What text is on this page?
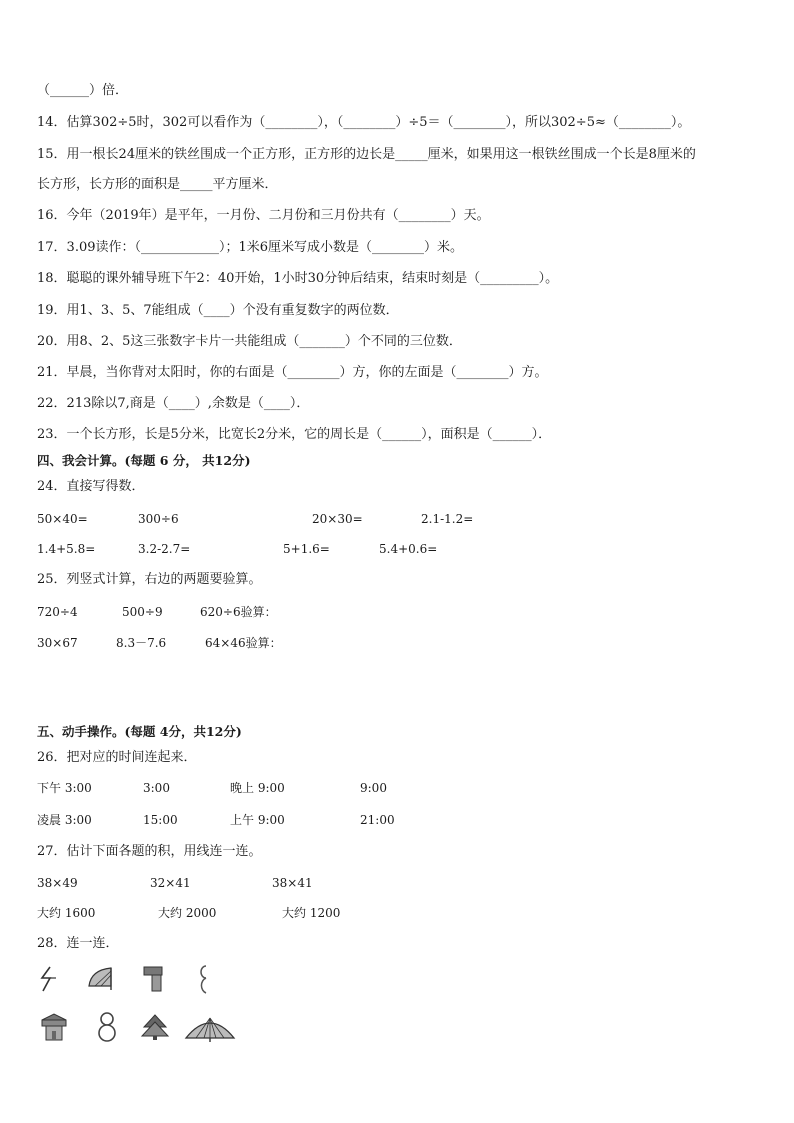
（______）倍．
14．估算302÷5时，302可以看作为（________），（________）÷5＝（________），所以302÷5≈（________）。
15．用一根长24厘米的铁丝围成一个正方形，正方形的边长是_____厘米，如果用这一根铁丝围成一个长是8厘米的
长方形，长方形的面积是_____平方厘米．
16．今年（2019年）是平年，一月份、二月份和三月份共有（________）天。
17．3.09读作：（____________）；1米6厘米写成小数是（________）米。
18．聪聪的课外辅导班下午2：40开始，1小时30分钟后结束，结束时刻是（_________）。
19．用1、3、5、7能组成（____）个没有重复数字的两位数．
20．用8、2、5这三张数字卡片一共能组成（_______）个不同的三位数．
21．早晨，当你背对太阳时，你的右面是（________）方，你的左面是（________）方。
22．213除以7,商是（____）,余数是（____）．
23．一个长方形，长是5分米，比宽长2分米，它的周长是（______），面积是（______）．
四、我会计算。(每题 6 分， 共12分)
24．直接写得数．
50×40=	300÷6	20×30=	2.1-1.2=
1.4+5.8=	3.2-2.7=	5+1.6=	5.4+0.6=
25．列竖式计算，右边的两题要验算。
720÷4	500÷9	620÷6验算：
30×67	8.3－7.6	64×46验算：
五、动手操作。(每题 4分，共12分)
26．把对应的时间连起来．
下午 3:00	3:00	晚上 9:00	9:00
凌晨 3:00	15:00	上午 9:00	21:00
27．估计下面各题的积，用线连一连。
38×49	32×41	38×41
大约 1600	大约 2000	大约 1200
28．连一连．
